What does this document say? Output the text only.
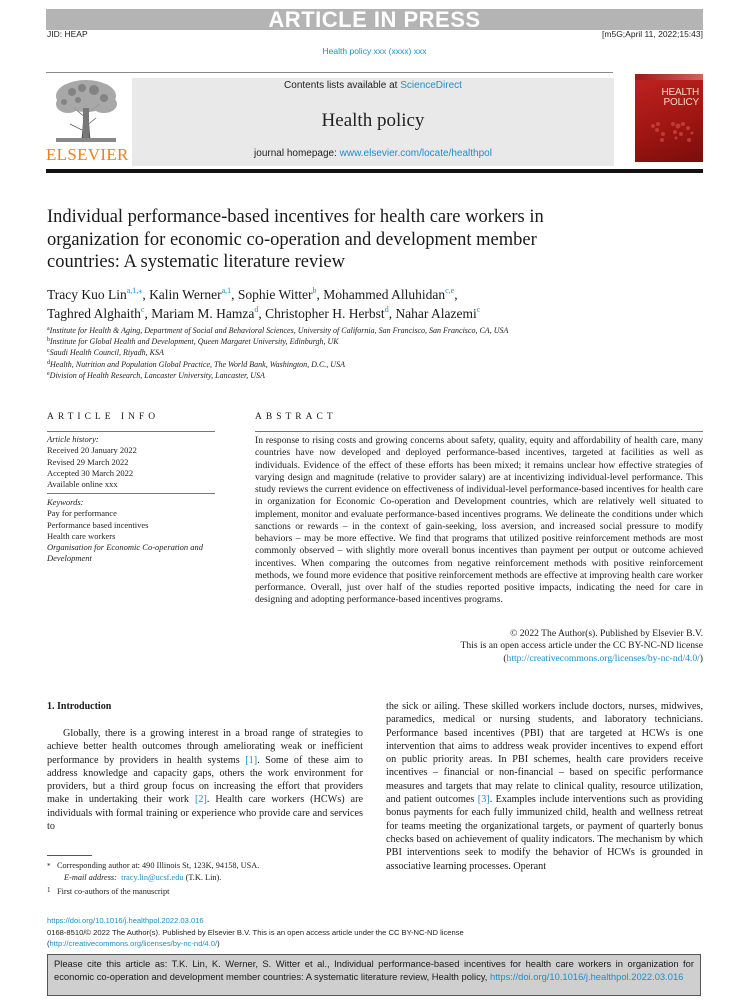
ARTICLE IN PRESS
JID: HEAP	[m5G;April 11, 2022;15:43]
Health policy xxx (xxxx) xxx
ELSEVIER
Contents lists available at ScienceDirect
Health policy
journal homepage: www.elsevier.com/locate/healthpol
HEALTH
POLICY
Individual performance-based incentives for health care workers in organization for economic co-operation and development member countries: A systematic literature review
Tracy Kuo Lin$^{a,1,⁎}$, Kalin Werner$^{a,1}$, Sophie Witter$^b$, Mohammed Alluhidan$^{c,e}$,
Taghred Alghaith$^c$, Mariam M. Hamza$^d$, Christopher H. Herbst$^d$, Nahar Alazemi$^c$
$^a$Institute for Health & Aging, Department of Social and Behavioral Sciences, University of California, San Francisco, San Francisco, CA, USA
$^b$Institute for Global Health and Development, Queen Margaret University, Edinburgh, UK
$^c$Saudi Health Council, Riyadh, KSA
$^d$Health, Nutrition and Population Global Practice, The World Bank, Washington, D.C., USA
$^e$Division of Health Research, Lancaster University, Lancaster, USA
ARTICLE INFO
Article history:
Received 20 January 2022
Revised 29 March 2022
Accepted 30 March 2022
Available online xxx
Keywords:
Pay for performance
Performance based incentives
Health care workers
Organisation for Economic Co-operation and Development
ABSTRACT
In response to rising costs and growing concerns about safety, quality, equity and affordability of health care, many countries have now developed and deployed performance-based incentives, targeted at facilities as well as individuals. Evidence of the effect of these efforts has been mixed; it remains unclear how effective strategies of varying design and magnitude (relative to provider salary) are at incentivizing individual-level performance. This study reviews the current evidence on effectiveness of individual-level performance-based incentives for health care in organization for Economic Co-operation and Development countries, which are relatively well situated to implement, monitor and evaluate performance-based incentives programs. We delineate the conditions under which sanctions or rewards – in the context of gain-seeking, loss aversion, and increased social pressure to modify behaviors – may be more effective. We find that programs that utilized positive reinforcement methods are most commonly observed – with slightly more overall bonus incentives than payment per output or outcome achieved incentives. When comparing the outcomes from negative reinforcement methods with positive reinforcement methods, we found more evidence that positive reinforcement methods are effective at improving health care worker performance. Overall, just over half of the studies reported positive impacts, indicating the need for care in designing and adopting performance-based incentives programs.
© 2022 The Author(s). Published by Elsevier B.V.
This is an open access article under the CC BY-NC-ND license
(http://creativecommons.org/licenses/by-nc-nd/4.0/)
1. Introduction
Globally, there is a growing interest in a broad range of strategies to achieve better health outcomes through ameliorating weak or inefficient performance by providers in health systems [1]. Some of these aim to address knowledge and capacity gaps, others the work environment for providers, but a third group focus on increasing the effort that providers make in undertaking their work [2]. Health care workers (HCWs) are individuals with formal training or experience who provide care and services to
the sick or ailing. These skilled workers include doctors, nurses, midwives, paramedics, medical or nursing students, and laboratory technicians. Performance based incentives (PBI) that are targeted at HCWs is one intervention that aims to address weak provider incentives to expend effort on public priority areas. In PBI schemes, health care providers receive incentives – financial or non-financial – based on specific performance measures and targets that may relate to clinical quality, resource utilization, and patient outcomes [3]. Examples include interventions such as providing bonus payments for each fully immunized child, health and wellness retreat for teams meeting the organizational targets, or payment of quarterly bonus checks based on achievement of quality indicators. The mechanism by which PBI interventions seek to modify the behavior of HCWs is grounded in associative learning processes. Operant
⁎ Corresponding author at: 490 Illinois St, 123K, 94158, USA.
E-mail address: tracy.lin@ucsf.edu (T.K. Lin).
1 First co-authors of the manuscript
https://doi.org/10.1016/j.healthpol.2022.03.016
0168-8510/© 2022 The Author(s). Published by Elsevier B.V. This is an open access article under the CC BY-NC-ND license
(http://creativecommons.org/licenses/by-nc-nd/4.0/)
Please cite this article as: T.K. Lin, K. Werner, S. Witter et al., Individual performance-based incentives for health care workers in organization for economic co-operation and development member countries: A systematic literature review, Health policy, https://doi.org/10.1016/j.healthpol.2022.03.016
